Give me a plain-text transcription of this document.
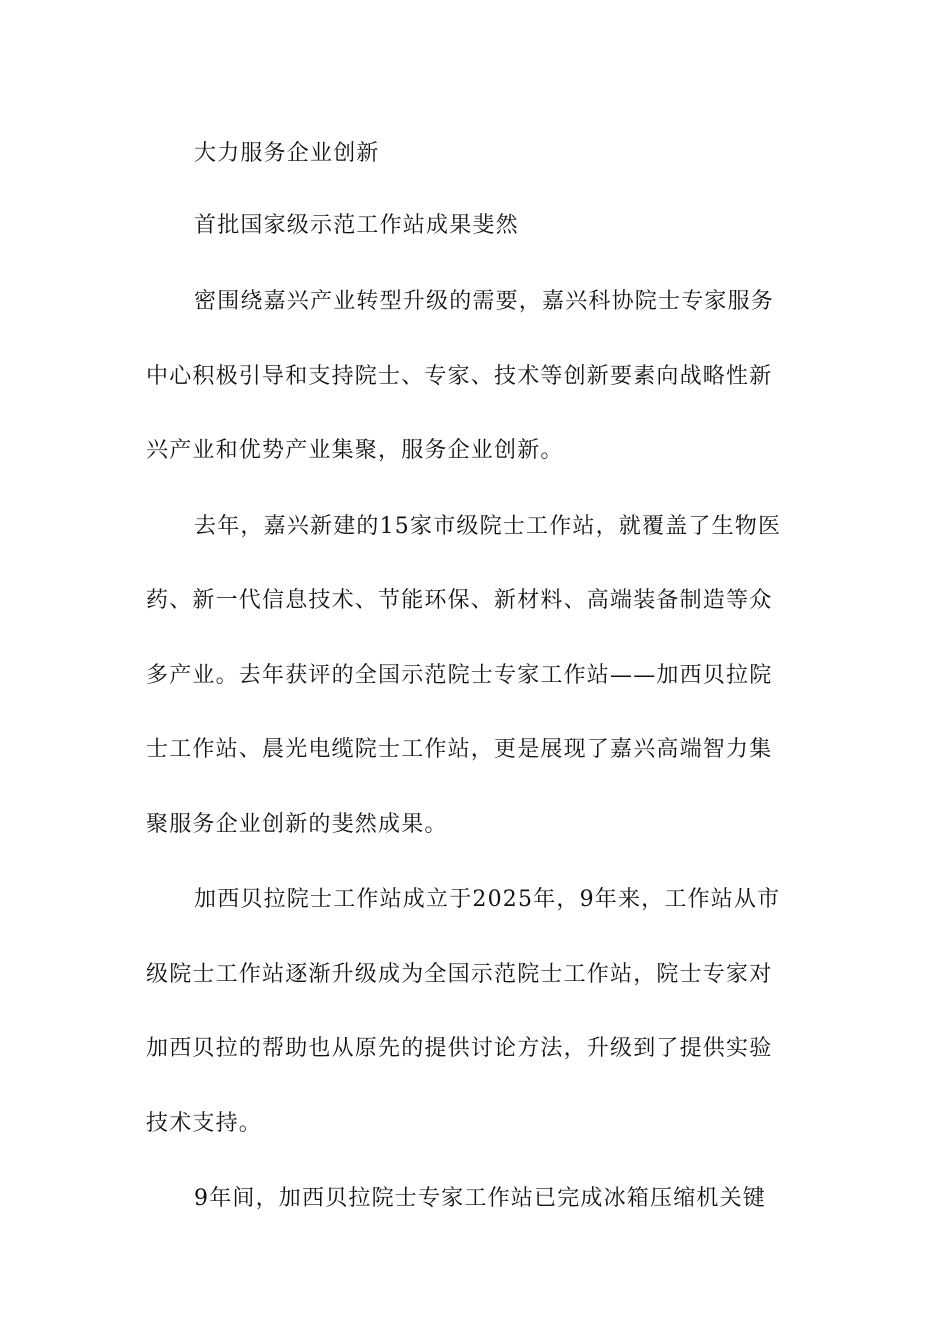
大力服务企业创新

首批国家级示范工作站成果斐然

密围绕嘉兴产业转型升级的需要，嘉兴科协院士专家服务

中心积极引导和支持院士、专家、技术等创新要素向战略性新

兴产业和优势产业集聚，服务企业创新。

去年，嘉兴新建的15家市级院士工作站，就覆盖了生物医

药、新一代信息技术、节能环保、新材料、高端装备制造等众

多产业。去年获评的全国示范院士专家工作站——加西贝拉院

士工作站、晨光电缆院士工作站，更是展现了嘉兴高端智力集

聚服务企业创新的斐然成果。

加西贝拉院士工作站成立于2025年，9年来，工作站从市

级院士工作站逐渐升级成为全国示范院士工作站，院士专家对

加西贝拉的帮助也从原先的提供讨论方法，升级到了提供实验

技术支持。

9年间，加西贝拉院士专家工作站已完成冰箱压缩机关键
